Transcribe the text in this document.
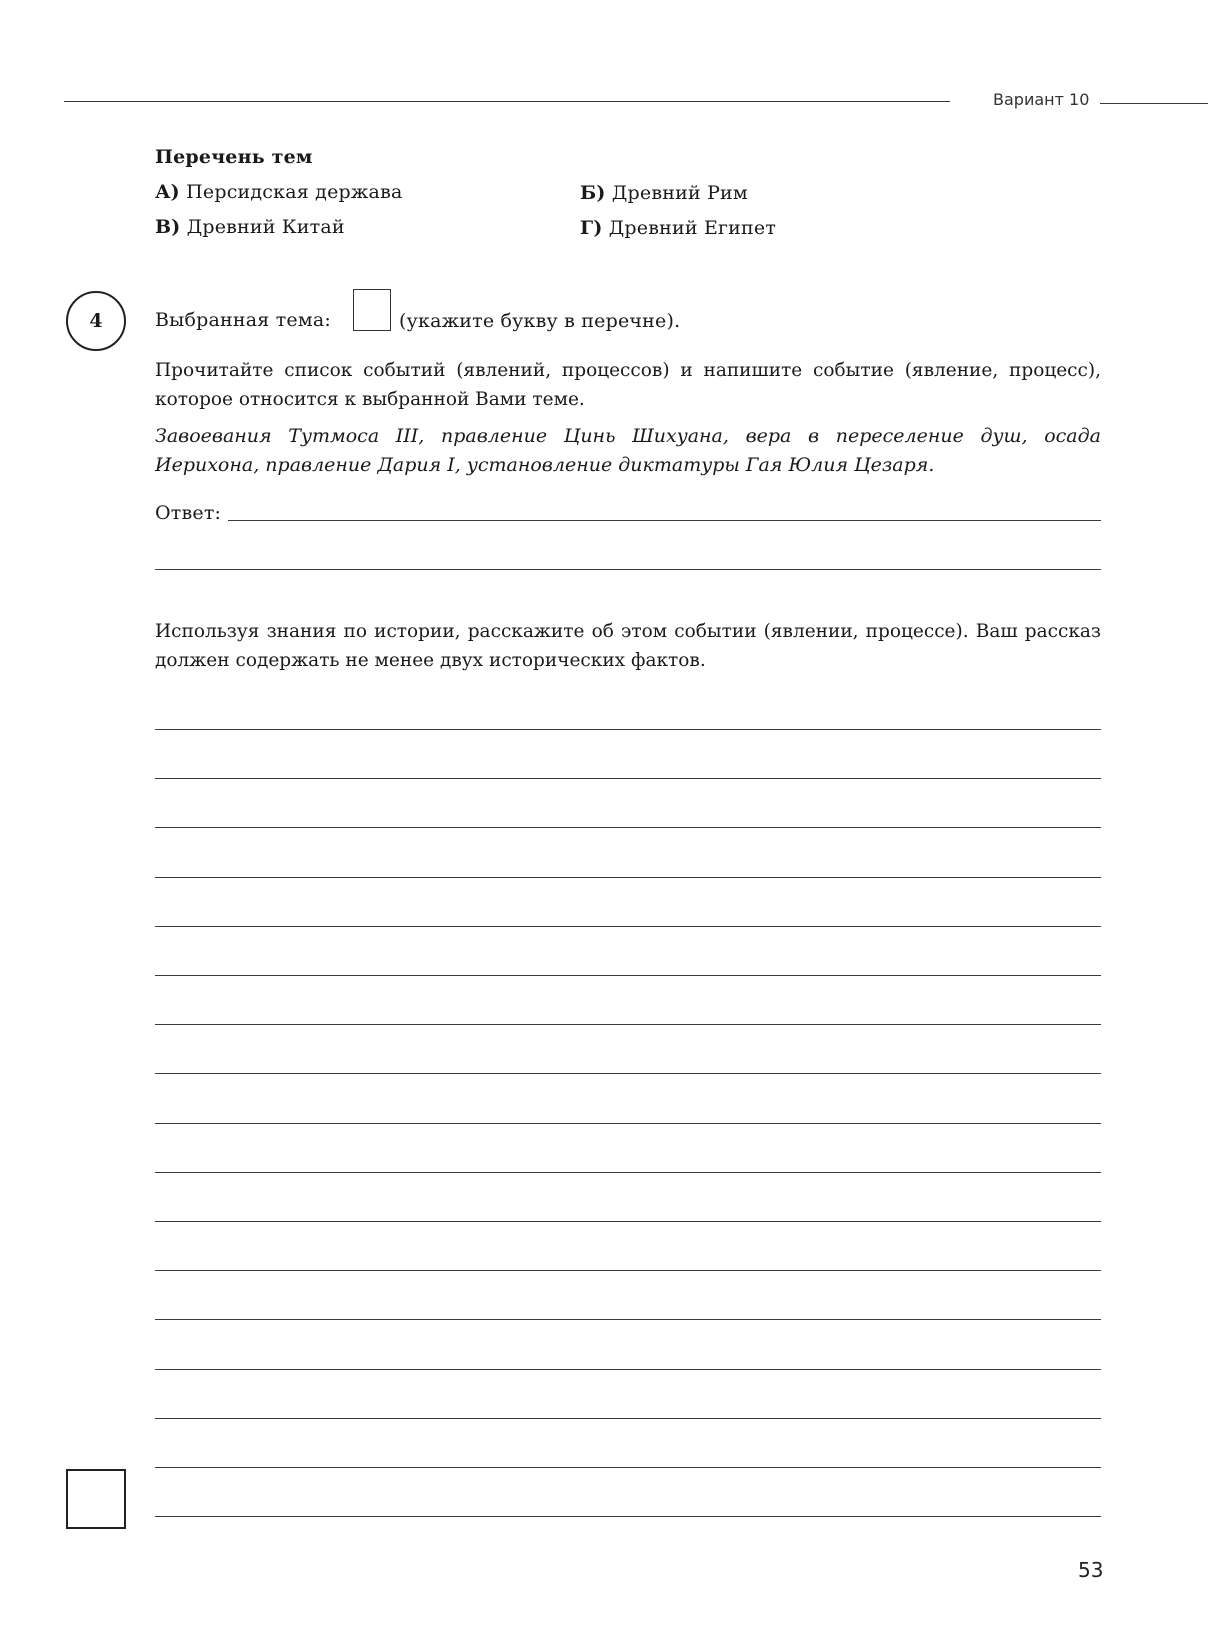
Вариант 10
Перечень тем
А) Персидская держава	Б) Древний Рим
В) Древний Китай	Г) Древний Египет
4	Выбранная тема:	(укажите букву в перечне).
Прочитайте список событий (явлений, процессов) и напишите событие (явление, процесс), которое относится к выбранной Вами теме.
Завоевания Тутмоса III, правление Цинь Шихуана, вера в переселение душ, осада Иерихона, правление Дария I, установление диктатуры Гая Юлия Цезаря.
Ответ:
Используя знания по истории, расскажите об этом событии (явлении, процессе). Ваш рассказ должен содержать не менее двух исторических фактов.
53
